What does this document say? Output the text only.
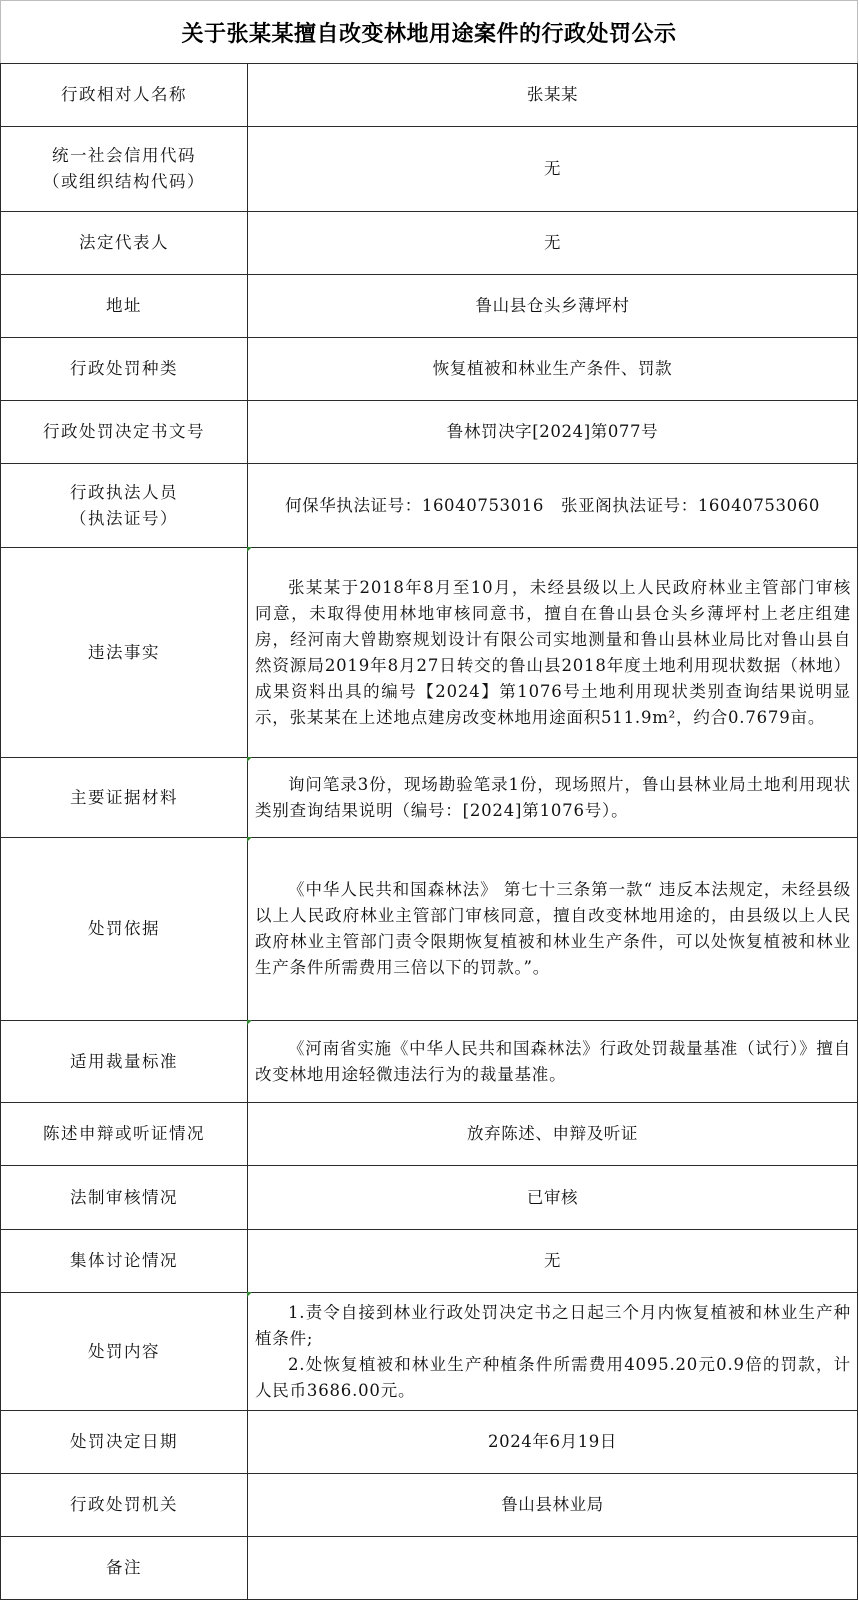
关于张某某擅自改变林地用途案件的行政处罚公示
行政相对人名称	张某某

统一社会信用代码
（或组织结构代码）	无
法定代表人	无
地址	鲁山县仓头乡薄坪村
行政处罚种类	恢复植被和林业生产条件、罚款
行政处罚决定书文号	鲁林罚决字[2024]第077号

行政执法人员
（执法证号）	何保华执法证号：16040753016　张亚阁执法证号：16040753060
违法事实	张某某于2018年8月至10月，未经县级以上人民政府林业主管部门审核同意，未取得使用林地审核同意书，擅自在鲁山县仓头乡薄坪村上老庄组建房，经河南大曾勘察规划设计有限公司实地测量和鲁山县林业局比对鲁山县自然资源局2019年8月27日转交的鲁山县2018年度土地利用现状数据（林地）成果资料出具的编号【2024】第1076号土地利用现状类别查询结果说明显示，张某某在上述地点建房改变林地用途面积511.9m²，约合0.7679亩。

主要证据材料	询问笔录3份，现场勘验笔录1份，现场照片，鲁山县林业局土地利用现状类别查询结果说明（编号：[2024]第1076号）。

处罚依据	《中华人民共和国森林法》 第七十三条第一款“ 违反本法规定，未经县级以上人民政府林业主管部门审核同意，擅自改变林地用途的，由县级以上人民政府林业主管部门责令限期恢复植被和林业生产条件，可以处恢复植被和林业生产条件所需费用三倍以下的罚款。”。

适用裁量标准	《河南省实施《中华人民共和国森林法》行政处罚裁量基准（试行）》擅自改变林地用途轻微违法行为的裁量基准。

陈述申辩或听证情况	放弃陈述、申辩及听证
法制审核情况	已审核
集体讨论情况	无
处罚内容	1.责令自接到林业行政处罚决定书之日起三个月内恢复植被和林业生产种植条件;
2.处恢复植被和林业生产种植条件所需费用4095.20元0.9倍的罚款，计人民币3686.00元。

处罚决定日期	2024年6月19日
行政处罚机关	鲁山县林业局
备注	
